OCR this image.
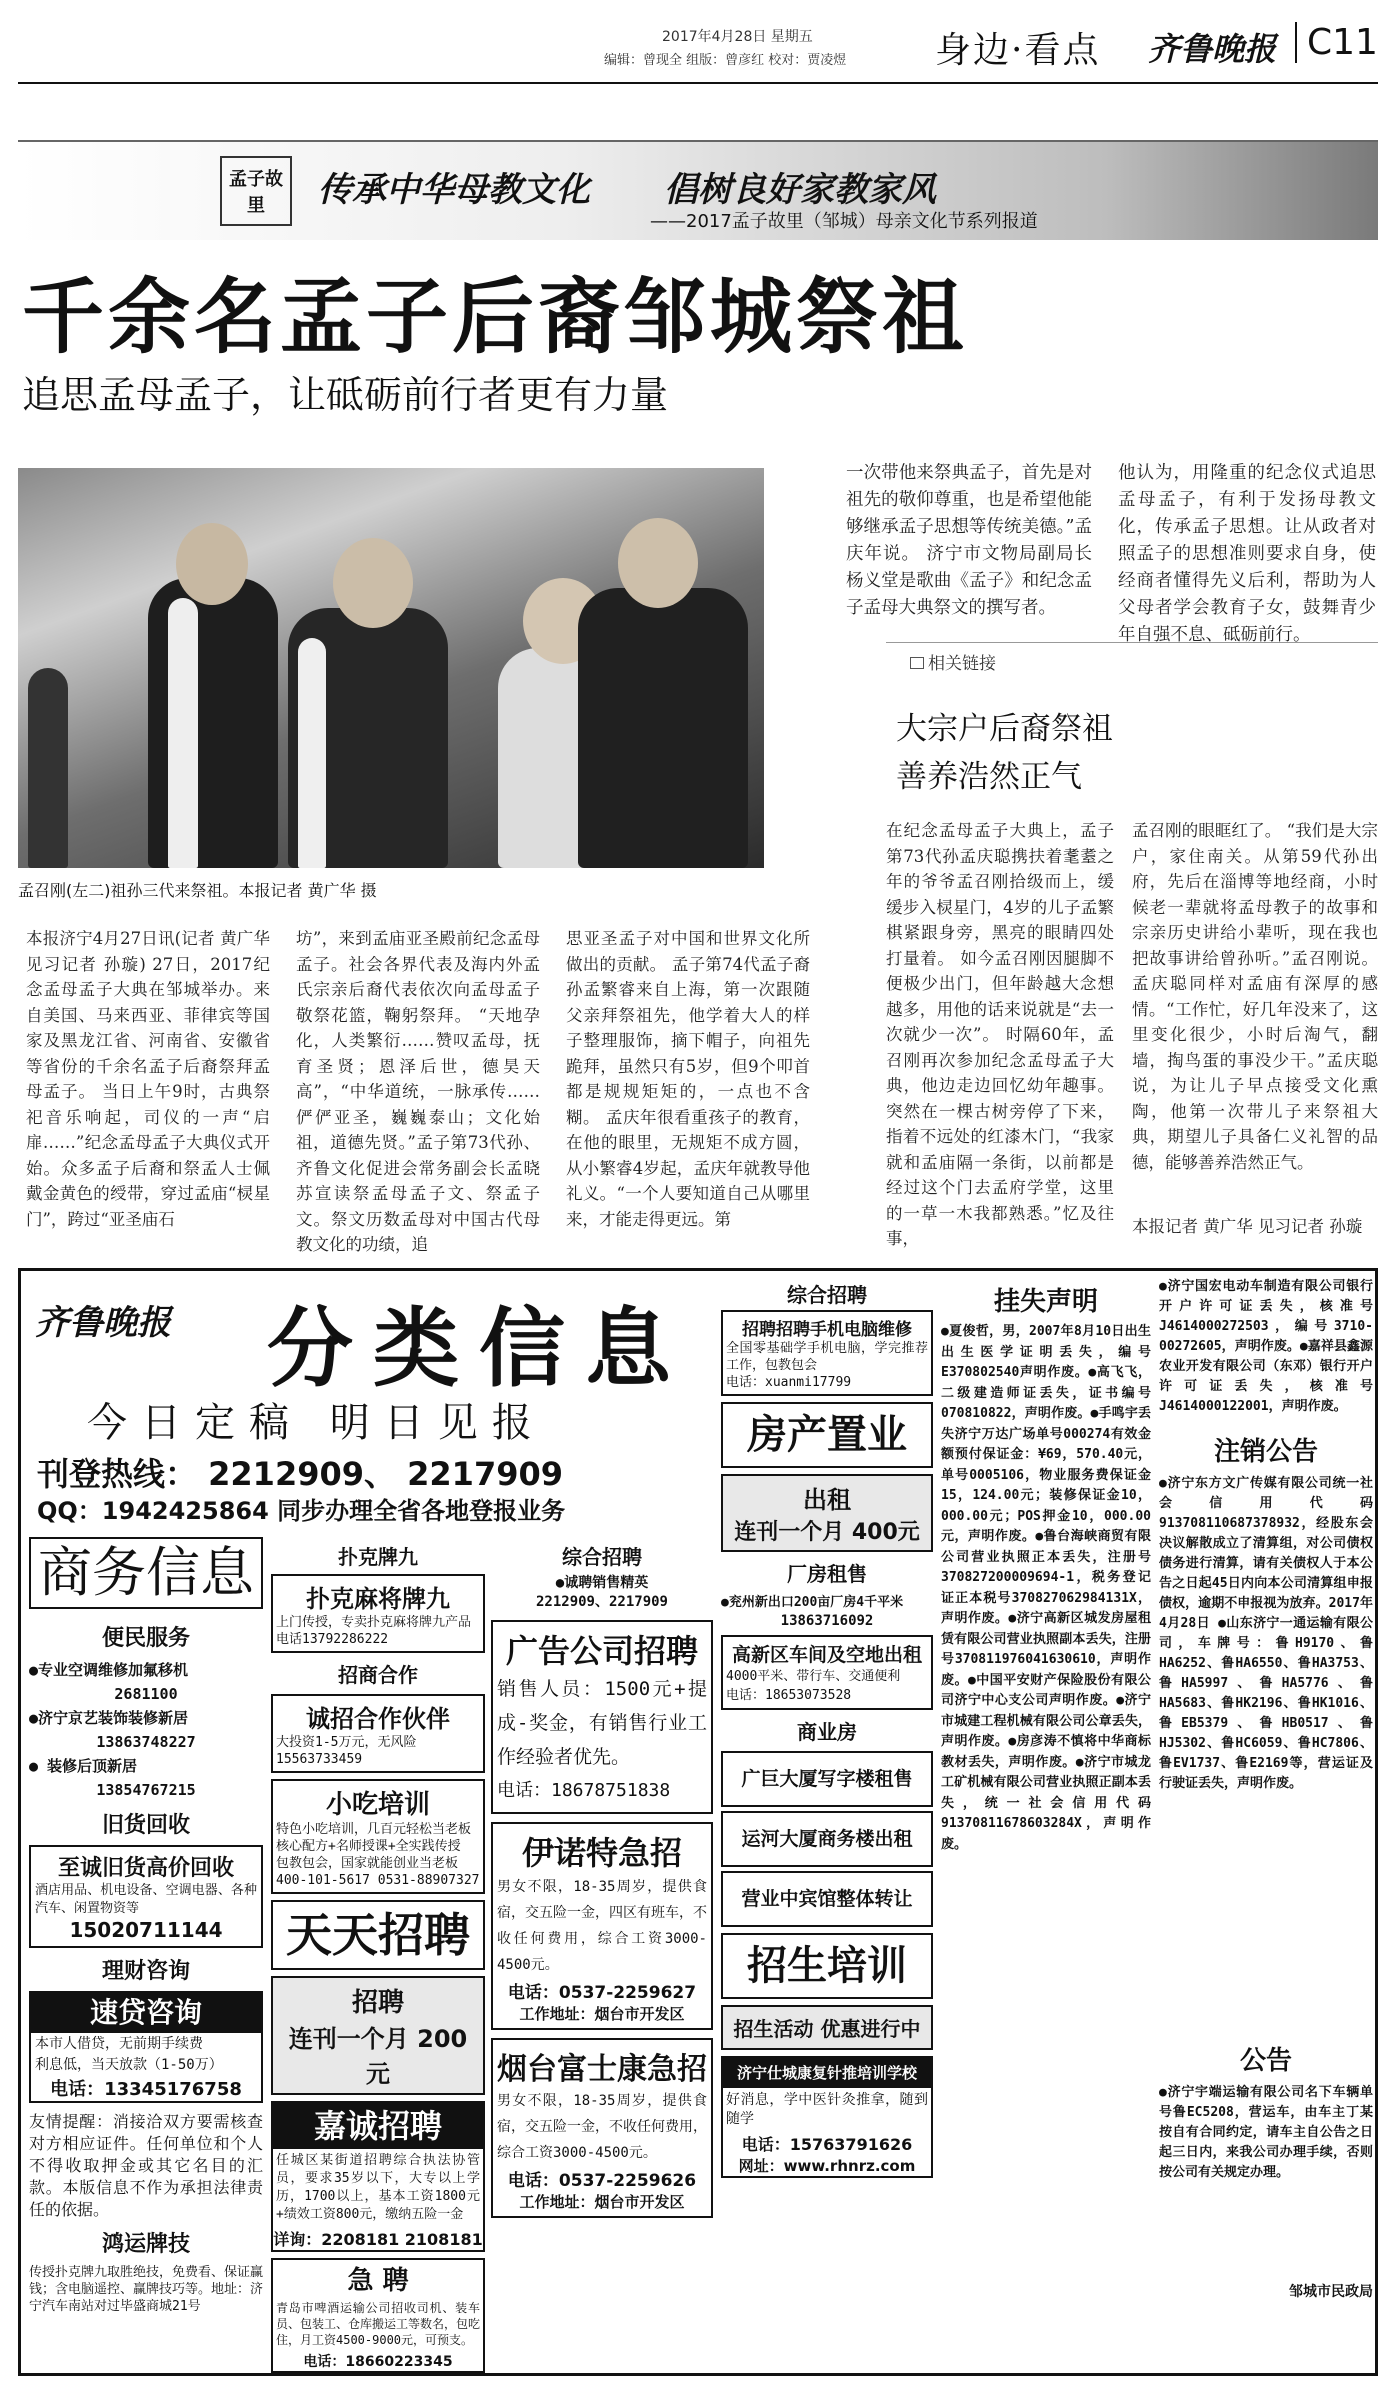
2017年4月28日 星期五
编辑：曾现全 组版：曾彦红 校对：贾凌煜 身边·看点 齐鲁晚报 C11
孟子故里	传承中华母教文化 倡树良好家教家风
——2017孟子故里（邹城）母亲文化节系列报道
千余名孟子后裔邹城祭祖
追思孟母孟子，让砥砺前行者更有力量
孟召刚(左二)祖孙三代来祭祖。本报记者 黄广华 摄
一次带他来祭典孟子，首先是对祖先的敬仰尊重，也是希望他能够继承孟子思想等传统美德。”孟庆年说。 济宁市文物局副局长杨义堂是歌曲《孟子》和纪念孟子孟母大典祭文的撰写者。
他认为，用隆重的纪念仪式追思孟母孟子，有利于发扬母教文化，传承孟子思想。让从政者对照孟子的思想准则要求自身，使经商者懂得先义后利，帮助为人父母者学会教育子女，鼓舞青少年自强不息、砥砺前行。
相关链接
大宗户后裔祭祖
善养浩然正气
在纪念孟母孟子大典上，孟子第73代孙孟庆聪携扶着耄耋之年的爷爷孟召刚拾级而上，缓缓步入棂星门，4岁的儿子孟繁棋紧跟身旁，黑亮的眼睛四处打量着。 如今孟召刚因腿脚不便极少出门，但年龄越大念想越多，用他的话来说就是“去一次就少一次”。 时隔60年，孟召刚再次参加纪念孟母孟子大典，他边走边回忆幼年趣事。突然在一棵古树旁停了下来，指着不远处的红漆木门，“我家就和孟庙隔一条街，以前都是经过这个门去孟府学堂，这里的一草一木我都熟悉。”忆及往事，
孟召刚的眼眶红了。 “我们是大宗户，家住南关。从第59代孙出府，先后在淄博等地经商，小时候老一辈就将孟母教子的故事和宗亲历史讲给小辈听，现在我也把故事讲给曾孙听。”孟召刚说。 孟庆聪同样对孟庙有深厚的感情。“工作忙，好几年没来了，这里变化很少，小时后淘气，翻墙，掏鸟蛋的事没少干。”孟庆聪说，为让儿子早点接受文化熏陶，他第一次带儿子来祭祖大典，期望儿子具备仁义礼智的品德，能够善养浩然正气。
本报记者 黄广华 见习记者 孙璇
本报济宁4月27日讯(记者 黄广华 见习记者 孙璇) 27日，2017纪念孟母孟子大典在邹城举办。来自美国、马来西亚、菲律宾等国家及黑龙江省、河南省、安徽省等省份的千余名孟子后裔祭拜孟母孟子。 当日上午9时，古典祭祀音乐响起，司仪的一声“启扉……”纪念孟母孟子大典仪式开始。众多孟子后裔和祭孟人士佩戴金黄色的绶带，穿过孟庙“棂星门”，跨过“亚圣庙石
坊”，来到孟庙亚圣殿前纪念孟母孟子。社会各界代表及海内外孟氏宗亲后裔代表依次向孟母孟子敬祭花篮，鞠躬祭拜。 “天地孕化，人类繁衍……赞叹孟母，抚育圣贤；恩泽后世，德昊天高”，“中华道统，一脉承传……俨俨亚圣，巍巍泰山；文化始祖，道德先贤。”孟子第73代孙、齐鲁文化促进会常务副会长孟晓苏宣读祭孟母孟子文、祭孟子文。祭文历数孟母对中国古代母教文化的功绩，追
思亚圣孟子对中国和世界文化所做出的贡献。 孟子第74代孟子裔孙孟繁睿来自上海，第一次跟随父亲拜祭祖先，他学着大人的样子整理服饰，摘下帽子，向祖先跪拜，虽然只有5岁，但9个叩首都是规规矩矩的，一点也不含糊。 孟庆年很看重孩子的教育，在他的眼里，无规矩不成方圆，从小繁睿4岁起，孟庆年就教导他礼义。“一个人要知道自己从哪里来，才能走得更远。第
齐鲁晚报 分类信息
今日定稿 明日见报
刊登热线： 2212909、 2217909
QQ：1942425864 同步办理全省各地登报业务
商务信息
便民服务
●专业空调维修加氟移机
2681100
●济宁京艺装饰装修新居
13863748227
● 装修后顶新居
13854767215
旧货回收
至诚旧货高价回收
酒店用品、机电设备、空调电器、各种汽车、闲置物资等
15020711144
理财咨询
速贷咨询
本市人借贷，无前期手续费
利息低，当天放款（1-50万）
电话：13345176758
友情提醒：消接洽双方要需核查对方相应证件。任何单位和个人不得收取押金或其它名目的汇款。本版信息不作为承担法律责任的依据。
鸿运牌技
传授扑克牌九取胜绝技，免费看、保证赢钱；含电脑遥控、赢牌技巧等。地址：济宁汽车南站对过毕盛商城21号
扑克牌九
扑克麻将牌九
上门传授，专卖扑克麻将牌九产品
电话13792286222
招商合作
诚招合作伙伴
大投资1-5万元，无风险
15563733459
小吃培训
特色小吃培训，几百元轻松当老板
核心配方+名师授课+全实践传授
包教包会，国家就能创业当老板
400-101-5617 0531-88907327
天天招聘
招聘
连刊一个月 200元
嘉诚招聘
任城区某街道招聘综合执法协管员，要求35岁以下，大专以上学历，1700以上，基本工资1800元+绩效工资800元，缴纳五险一金
详询：2208181 2108181
急 聘
青岛市啤酒运输公司招收司机、装车员、包装工、仓库搬运工等数名，包吃住，月工资4500-9000元，可预支。
电话：18660223345
综合招聘
●诚聘销售精英
2212909、2217909
广告公司招聘
销售人员：1500元+提成-奖金，有销售行业工作经验者优先。
电话：18678751838
伊诺特急招
男女不限，18-35周岁，提供食宿，交五险一金，四区有班车，不收任何费用，综合工资3000-4500元。
电话：0537-2259627
工作地址：烟台市开发区
烟台富士康急招
男女不限，18-35周岁，提供食宿，交五险一金，不收任何费用，综合工资3000-4500元。
电话：0537-2259626
工作地址：烟台市开发区
综合招聘
招聘招聘手机电脑维修
全国零基础学手机电脑，学完推荐工作，包教包会
电话：xuanmi17799
房产置业
出租
连刊一个月 400元
厂房租售
●兖州新出口200亩厂房4千平米
13863716092
高新区车间及空地出租
4000平米、带行车、交通便利
电话：18653073528
商业房
广巨大厦写字楼租售
运河大厦商务楼出租
营业中宾馆整体转让
招生培训
招生活动 优惠进行中
济宁仕城康复针推培训学校
好消息，学中医针灸推拿，随到随学
电话：15763791626
网址：www.rhnrz.com
挂失声明
●夏俊哲，男，2007年8月10日出生出生医学证明丢失，编号E370802540声明作废。●高飞飞，二级建造师证丢失，证书编号070810822，声明作废。●手鸣宇丢失济宁万达广场单号000274有效金额预付保证金：¥69，570.40元，单号0005106，物业服务费保证金15，124.00元；装修保证金10，000.00元；POS押金10，000.00元，声明作废。●鲁台海峡商贸有限公司营业执照正本丢失，注册号370827200009694-1，税务登记证正本税号370827062984131X，声明作废。●济宁高新区城发房屋租赁有限公司营业执照副本丢失，注册号370811976041630610，声明作废。●中国平安财产保险股份有限公司济宁中心支公司声明作废。●济宁市城建工程机械有限公司公章丢失，声明作废。●房彦涛不慎将中华商标教材丢失，声明作废。●济宁市城龙工矿机械有限公司营业执照正副本丢失，统一社会信用代码91370811678603284X，声明作废。
●济宁国宏电动车制造有限公司银行开户许可证丢失，核准号J4614000272503，编号3710-00272605，声明作废。●嘉祥县鑫源农业开发有限公司（东邓）银行开户许可证丢失，核准号J4614000122001，声明作废。
注销公告
●济宁东方文广传媒有限公司统一社会信用代码913708110687378932，经股东会决议解散成立了清算组，对公司债权债务进行清算，请有关债权人于本公告之日起45日内向本公司清算组申报债权，逾期不申报视为放弃。2017年4月28日 ●山东济宁一通运输有限公司，车牌号：鲁H9170、鲁HA6252、鲁HA6550、鲁HA3753、鲁HA5997、鲁HA5776、鲁HA5683、鲁HK2196、鲁HK1016、鲁EB5379、鲁HB0517、鲁HJ5302、鲁HC6059、鲁HC7806、鲁EV1737、鲁E2169等，营运证及行驶证丢失，声明作废。
公告
●济宁宇端运输有限公司名下车辆单号鲁EC5208，营运车，由车主丁某按自有合同约定，请车主自公告之日起三日内，来我公司办理手续，否则按公司有关规定办理。
邹城市民政局
